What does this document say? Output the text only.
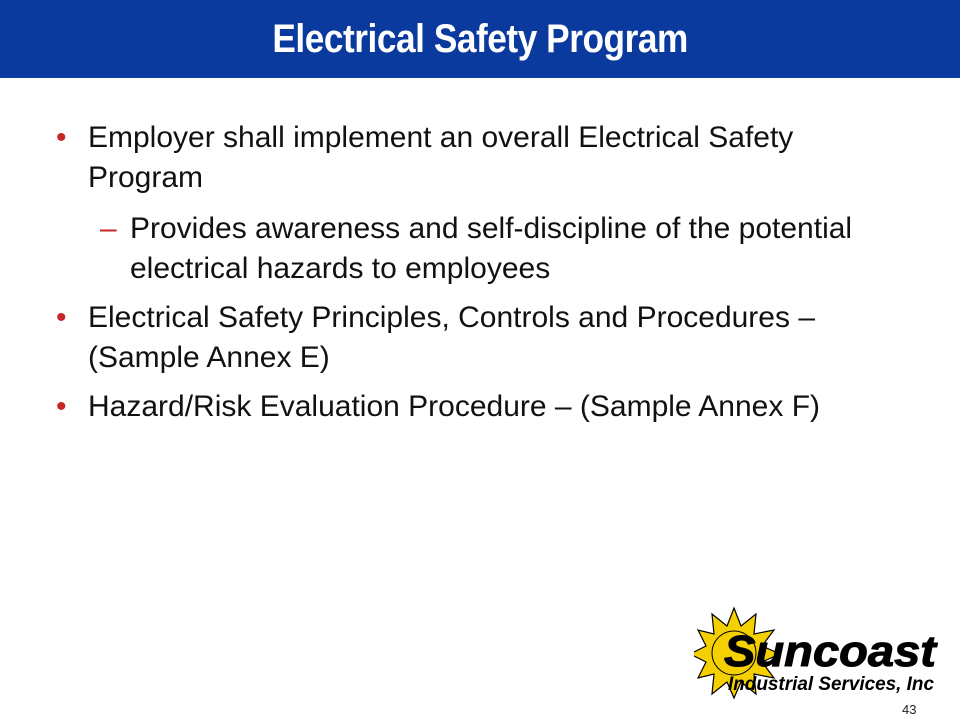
Electrical Safety Program
• Employer shall implement an overall Electrical Safety Program
– Provides awareness and self-discipline of the potential electrical hazards to employees
• Electrical Safety Principles, Controls and Procedures – (Sample Annex E)
• Hazard/Risk Evaluation Procedure – (Sample Annex F)
Suncoast
Industrial Services, Inc
43
